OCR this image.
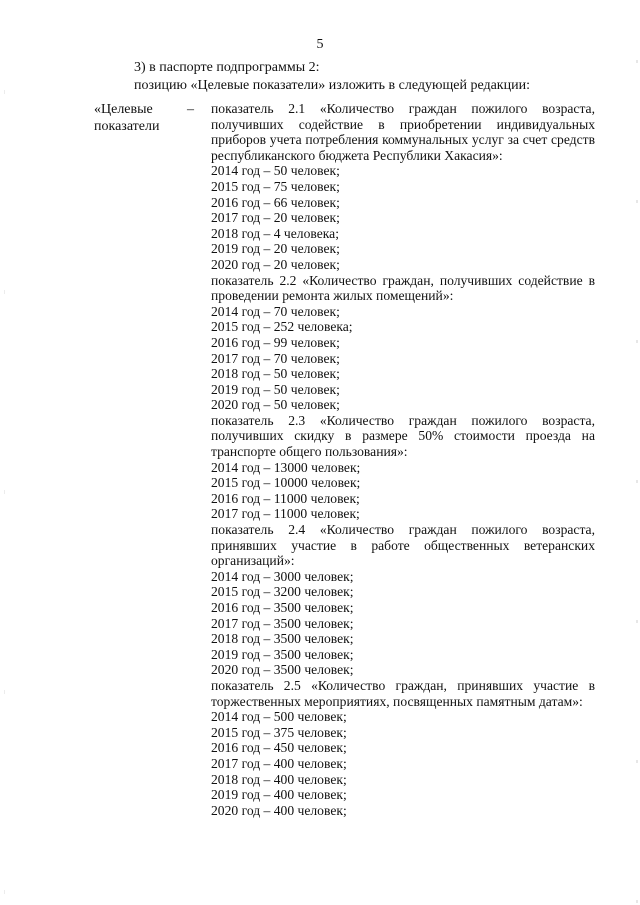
5
3) в паспорте подпрограммы 2:
позицию «Целевые показатели» изложить в следующей редакции:
«Целевые показатели
– показатель 2.1 «Количество граждан пожилого возраста, получивших содействие в приобретении индивидуальных приборов учета потребления коммунальных услуг за счет средств республиканского бюджета Республики Хакасия»:
2014 год – 50 человек;
2015 год – 75 человек;
2016 год – 66 человек;
2017 год – 20 человек;
2018 год – 4 человека;
2019 год – 20 человек;
2020 год – 20 человек;
показатель 2.2 «Количество граждан, получивших содействие в проведении ремонта жилых помещений»:
2014 год – 70 человек;
2015 год – 252 человека;
2016 год – 99 человек;
2017 год – 70 человек;
2018 год – 50 человек;
2019 год – 50 человек;
2020 год – 50 человек;
показатель 2.3 «Количество граждан пожилого возраста, получивших скидку в размере 50% стоимости проезда на транспорте общего пользования»:
2014 год – 13000 человек;
2015 год – 10000 человек;
2016 год – 11000 человек;
2017 год – 11000 человек;
показатель 2.4 «Количество граждан пожилого возраста, принявших участие в работе общественных ветеранских организаций»:
2014 год – 3000 человек;
2015 год – 3200 человек;
2016 год – 3500 человек;
2017 год – 3500 человек;
2018 год – 3500 человек;
2019 год – 3500 человек;
2020 год – 3500 человек;
показатель 2.5 «Количество граждан, принявших участие в торжественных мероприятиях, посвященных памятным датам»:
2014 год – 500 человек;
2015 год – 375 человек;
2016 год – 450 человек;
2017 год – 400 человек;
2018 год – 400 человек;
2019 год – 400 человек;
2020 год – 400 человек;
